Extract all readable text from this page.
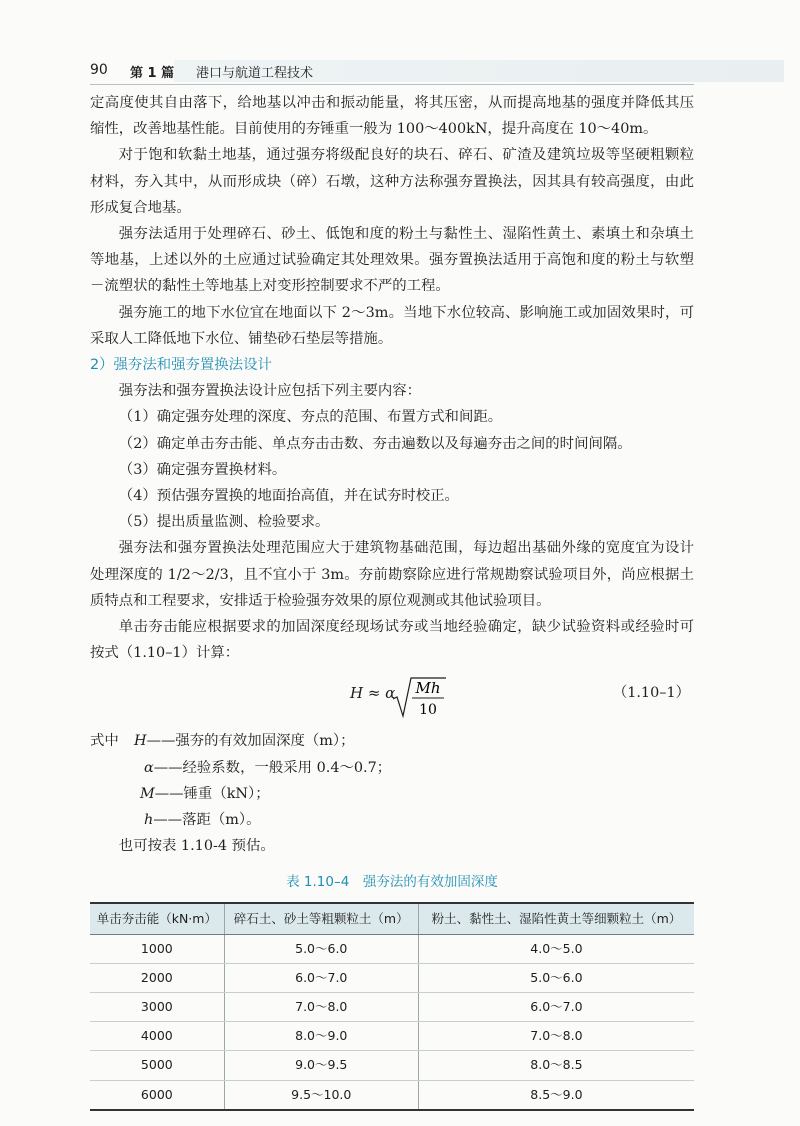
90 第 1 篇 港口与航道工程技术

定高度使其自由落下，给地基以冲击和振动能量，将其压密，从而提高地基的强度并降低其压缩性，改善地基性能。目前使用的夯锤重一般为 100～400kN，提升高度在 10～40m。

对于饱和软黏土地基，通过强夯将级配良好的块石、碎石、矿渣及建筑垃圾等坚硬粗颗粒材料，夯入其中，从而形成块（碎）石墩，这种方法称强夯置换法，因其具有较高强度，由此形成复合地基。

强夯法适用于处理碎石、砂土、低饱和度的粉土与黏性土、湿陷性黄土、素填土和杂填土等地基，上述以外的土应通过试验确定其处理效果。强夯置换法适用于高饱和度的粉土与软塑－流塑状的黏性土等地基上对变形控制要求不严的工程。

强夯施工的地下水位宜在地面以下 2～3m。当地下水位较高、影响施工或加固效果时，可采取人工降低地下水位、铺垫砂石垫层等措施。

2）强夯法和强夯置换法设计

强夯法和强夯置换法设计应包括下列主要内容：

（1）确定强夯处理的深度、夯点的范围、布置方式和间距。

（2）确定单击夯击能、单点夯击击数、夯击遍数以及每遍夯击之间的时间间隔。

（3）确定强夯置换材料。

（4）预估强夯置换的地面抬高值，并在试夯时校正。

（5）提出质量监测、检验要求。

强夯法和强夯置换法处理范围应大于建筑物基础范围，每边超出基础外缘的宽度宜为设计处理深度的 1/2～2/3，且不宜小于 3m。夯前勘察除应进行常规勘察试验项目外，尚应根据土质特点和工程要求，安排适于检验强夯效果的原位观测或其他试验项目。

单击夯击能应根据要求的加固深度经现场试夯或当地经验确定，缺少试验资料或经验时可按式（1.10–1）计算：

H ≈ α Mh
10
（1.10–1）
式中 H——强夯的有效加固深度（m）；
α——经验系数，一般采用 0.4～0.7；
M——锤重（kN）；
h——落距（m）。

也可按表 1.10-4 预估。

表 1.10–4　强夯法的有效加固深度
单击夯击能（kN·m）	碎石土、砂土等粗颗粒土（m）	粉土、黏性土、湿陷性黄土等细颗粒土（m）
1000	5.0～6.0	4.0～5.0
2000	6.0～7.0	5.0～6.0
3000	7.0～8.0	6.0～7.0
4000	8.0～9.0	7.0～8.0
5000	9.0～9.5	8.0～8.5
6000	9.5～10.0	8.5～9.0
